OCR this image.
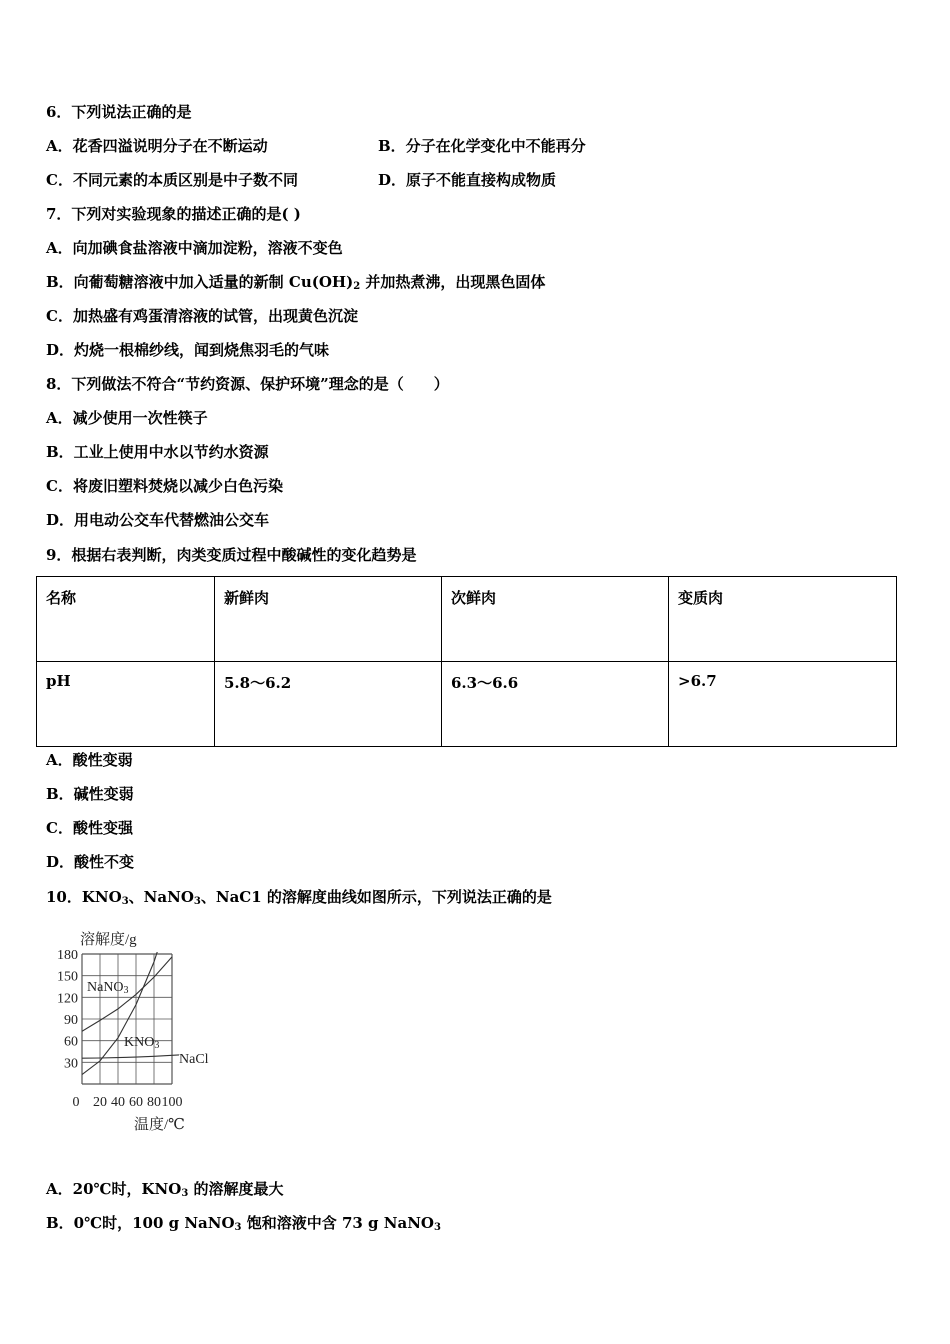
6．下列说法正确的是
A．花香四溢说明分子在不断运动	B．分子在化学变化中不能再分
C．不同元素的本质区别是中子数不同	D．原子不能直接构成物质
7．下列对实验现象的描述正确的是( )
A．向加碘食盐溶液中滴加淀粉，溶液不变色
B．向葡萄糖溶液中加入适量的新制 $Cu(OH)_2$ 并加热煮沸，出现黑色固体
C．加热盛有鸡蛋清溶液的试管，出现黄色沉淀
D．灼烧一根棉纱线，闻到烧焦羽毛的气味
8．下列做法不符合“节约资源、保护环境”理念的是（　　）
A．减少使用一次性筷子
B．工业上使用中水以节约水资源
C．将废旧塑料焚烧以减少白色污染
D．用电动公交车代替燃油公交车
9．根据右表判断，肉类变质过程中酸碱性的变化趋势是
名称	新鲜肉	次鲜肉	变质肉
pH	5.8～6.2	6.3～6.6	>6.7
A．酸性变弱
B．碱性变弱
C．酸性变强
D．酸性不变
10．$KNO_3$、NaNO$_3$、NaC1 的溶解度曲线如图所示，下列说法正确的是
溶解度/g
180
150
120
90
60
30
0 20 40 60 80 100
NaNO3
KNO3
NaCl
温度/℃
A．20℃时，$KNO_3$ 的溶解度最大
B．0℃时，100 g NaNO$_3$ 饱和溶液中含 73 g NaNO$_3$
